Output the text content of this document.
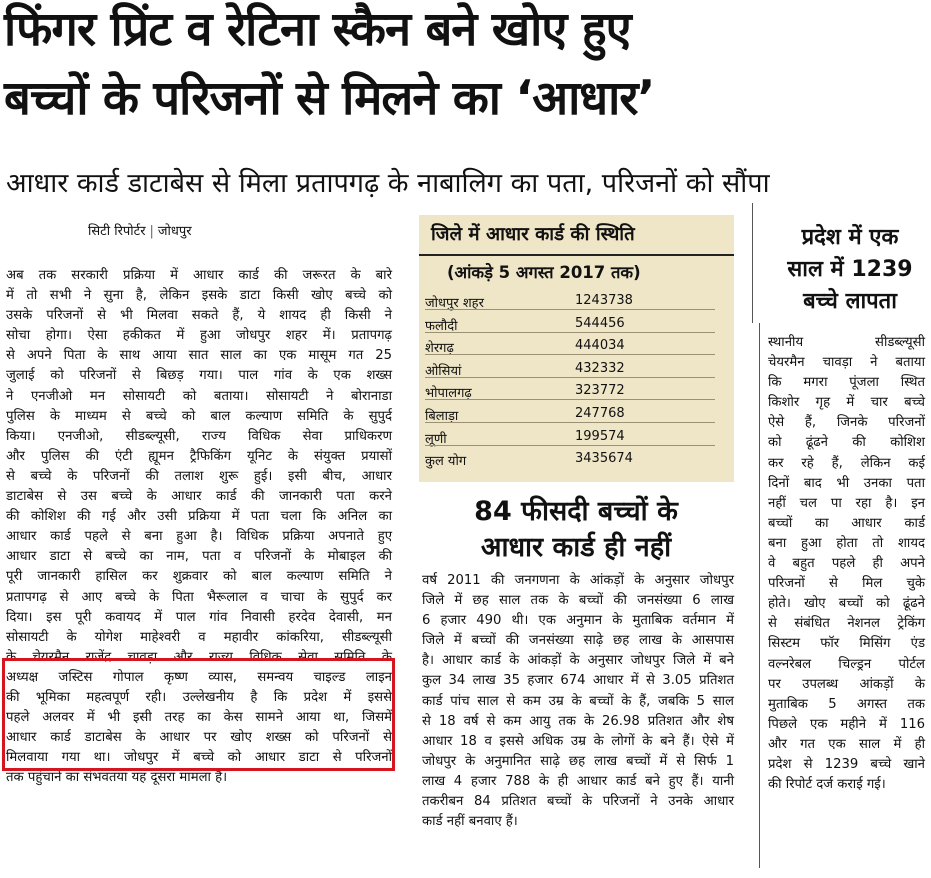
फिंगर प्रिंट व रेटिना स्कैन बने खोए हुए
बच्चों के परिजनों से मिलने का ‘आधार’
आधार कार्ड डाटाबेस से मिला प्रतापगढ़ के नाबालिग का पता, परिजनों को सौंपा
सिटी रिपोर्टर | जोधपुर
अब तक सरकारी प्रक्रिया में आधार कार्ड की जरूरत के बारे
में तो सभी ने सुना है, लेकिन इसके डाटा किसी खोए बच्चे को
उसके परिजनों से भी मिलवा सकते हैं, ये शायद ही किसी ने
सोचा होगा। ऐसा हकीकत में हुआ जोधपुर शहर में। प्रतापगढ़
से अपने पिता के साथ आया सात साल का एक मासूम गत 25
जुलाई को परिजनों से बिछड़ गया। पाल गांव के एक शख्स
ने एनजीओ मन सोसायटी को बताया। सोसायटी ने बोरानाडा
पुलिस के माध्यम से बच्चे को बाल कल्याण समिति के सुपुर्द
किया। एनजीओ, सीडब्ल्यूसी, राज्य विधिक सेवा प्राधिकरण
और पुलिस की एंटी ह्यूमन ट्रैफिकिंग यूनिट के संयुक्त प्रयासों
से बच्चे के परिजनों की तलाश शुरू हुई। इसी बीच, आधार
डाटाबेस से उस बच्चे के आधार कार्ड की जानकारी पता करने
की कोशिश की गई और उसी प्रक्रिया में पता चला कि अनिल का
आधार कार्ड पहले से बना हुआ है। विधिक प्रक्रिया अपनाते हुए
आधार डाटा से बच्चे का नाम, पता व परिजनों के मोबाइल की
पूरी जानकारी हासिल कर शुक्रवार को बाल कल्याण समिति ने
प्रतापगढ़ से आए बच्चे के पिता भैरूलाल व चाचा के सुपुर्द कर
दिया। इस पूरी कवायद में पाल गांव निवासी हरदेव देवासी, मन
सोसायटी के योगेश माहेश्वरी व महावीर कांकरिया, सीडब्ल्यूसी
के चेयरमैन राजेंद्र चावड़ा और राज्य विधिक सेवा समिति के
अध्यक्ष जस्टिस गोपाल कृष्ण व्यास, समन्वय चाइल्ड लाइन
की भूमिका महत्वपूर्ण रही। उल्लेखनीय है कि प्रदेश में इससे
पहले अलवर में भी इसी तरह का केस सामने आया था, जिसमें
आधार कार्ड डाटाबेस के आधार पर खोए शख्स को परिजनों से
मिलवाया गया था। जोधपुर में बच्चे को आधार डाटा से परिजनों
तक पहुंचाने का संभवतया यह दूसरा मामला है।
जिले में आधार कार्ड की स्थिति
(आंकड़े 5 अगस्त 2017 तक)
जोधपुर शहर	1243738
फलौदी	544456
शेरगढ़	444034
ओसियां	432332
भोपालगढ़	323772
बिलाड़ा	247768
लूणी	199574
कुल योग	3435674
84 फीसदी बच्चों के
आधार कार्ड ही नहीं
वर्ष 2011 की जनगणना के आंकड़ों के अनुसार जोधपुर
जिले में छह साल तक के बच्चों की जनसंख्या 6 लाख
6 हजार 490 थी। एक अनुमान के मुताबिक वर्तमान में
जिले में बच्चों की जनसंख्या साढ़े छह लाख के आसपास
है। आधार कार्ड के आंकड़ों के अनुसार जोधपुर जिले में बने
कुल 34 लाख 35 हजार 674 आधार में से 3.05 प्रतिशत
कार्ड पांच साल से कम उम्र के बच्चों के हैं, जबकि 5 साल
से 18 वर्ष से कम आयु तक के 26.98 प्रतिशत और शेष
आधार 18 व इससे अधिक उम्र के लोगों के बने हैं। ऐसे में
जोधपुर के अनुमानित साढ़े छह लाख बच्चों में से सिर्फ 1
लाख 4 हजार 788 के ही आधार कार्ड बने हुए हैं। यानी
तकरीबन 84 प्रतिशत बच्चों के परिजनों ने उनके आधार
कार्ड नहीं बनवाए हैं।
प्रदेश में एक
साल में 1239
बच्चे लापता
स्थानीय सीडब्ल्यूसी
चेयरमैन चावड़ा ने बताया
कि मगरा पूंजला स्थित
किशोर गृह में चार बच्चे
ऐसे हैं, जिनके परिजनों
को ढूंढने की कोशिश
कर रहे हैं, लेकिन कई
दिनों बाद भी उनका पता
नहीं चल पा रहा है। इन
बच्चों का आधार कार्ड
बना हुआ होता तो शायद
वे बहुत पहले ही अपने
परिजनों से मिल चुके
होते। खोए बच्चों को ढूंढने
से संबंधित नेशनल ट्रेकिंग
सिस्टम फॉर मिसिंग एंड
वल्नरेबल चिल्ड्रन पोर्टल
पर उपलब्ध आंकड़ों के
मुताबिक 5 अगस्त तक
पिछले एक महीने में 116
और गत एक साल में ही
प्रदेश से 1239 बच्चे खाने
की रिपोर्ट दर्ज कराई गई।
